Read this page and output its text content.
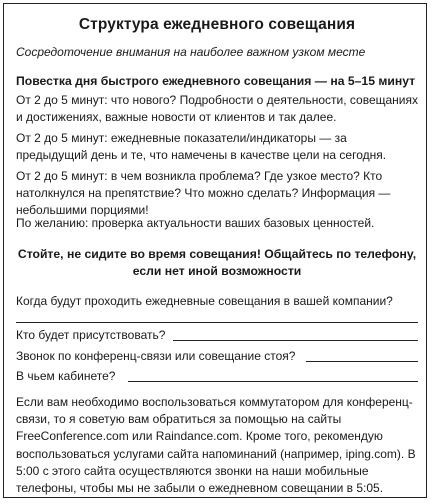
Структура ежедневного совещания
Сосредоточение внимания на наиболее важном узком месте
Повестка дня быстрого ежедневного совещания — на 5–15 минут
От 2 до 5 минут: что нового? Подробности о деятельности, совещаниях и достижениях, важные новости от клиентов и так далее.
От 2 до 5 минут: ежедневные показатели/индикаторы — за предыдущий день и те, что намечены в качестве цели на сегодня.
От 2 до 5 минут: в чем возникла проблема? Где узкое место? Кто натолкнулся на препятствие? Что можно сделать? Информация — небольшими порциями!
По желанию: проверка актуальности ваших базовых ценностей.
Стойте, не сидите во время совещания! Общайтесь по телефону, если нет иной возможности
Когда будут проходить ежедневные совещания в вашей компании?
Кто будет присутствовать?
Звонок по конференц-связи или совещание стоя?
В чьем кабинете?
Если вам необходимо воспользоваться коммутатором для конференц-связи, то я советую вам обратиться за помощью на сайты FreeConference.com или Raindance.com. Кроме того, рекомендую воспользоваться услугами сайта напоминаний (например, iping.com). В 5:00 с этого сайта осуществляются звонки на наши мобильные телефоны, чтобы мы не забыли о ежедневном совещании в 5:05.
